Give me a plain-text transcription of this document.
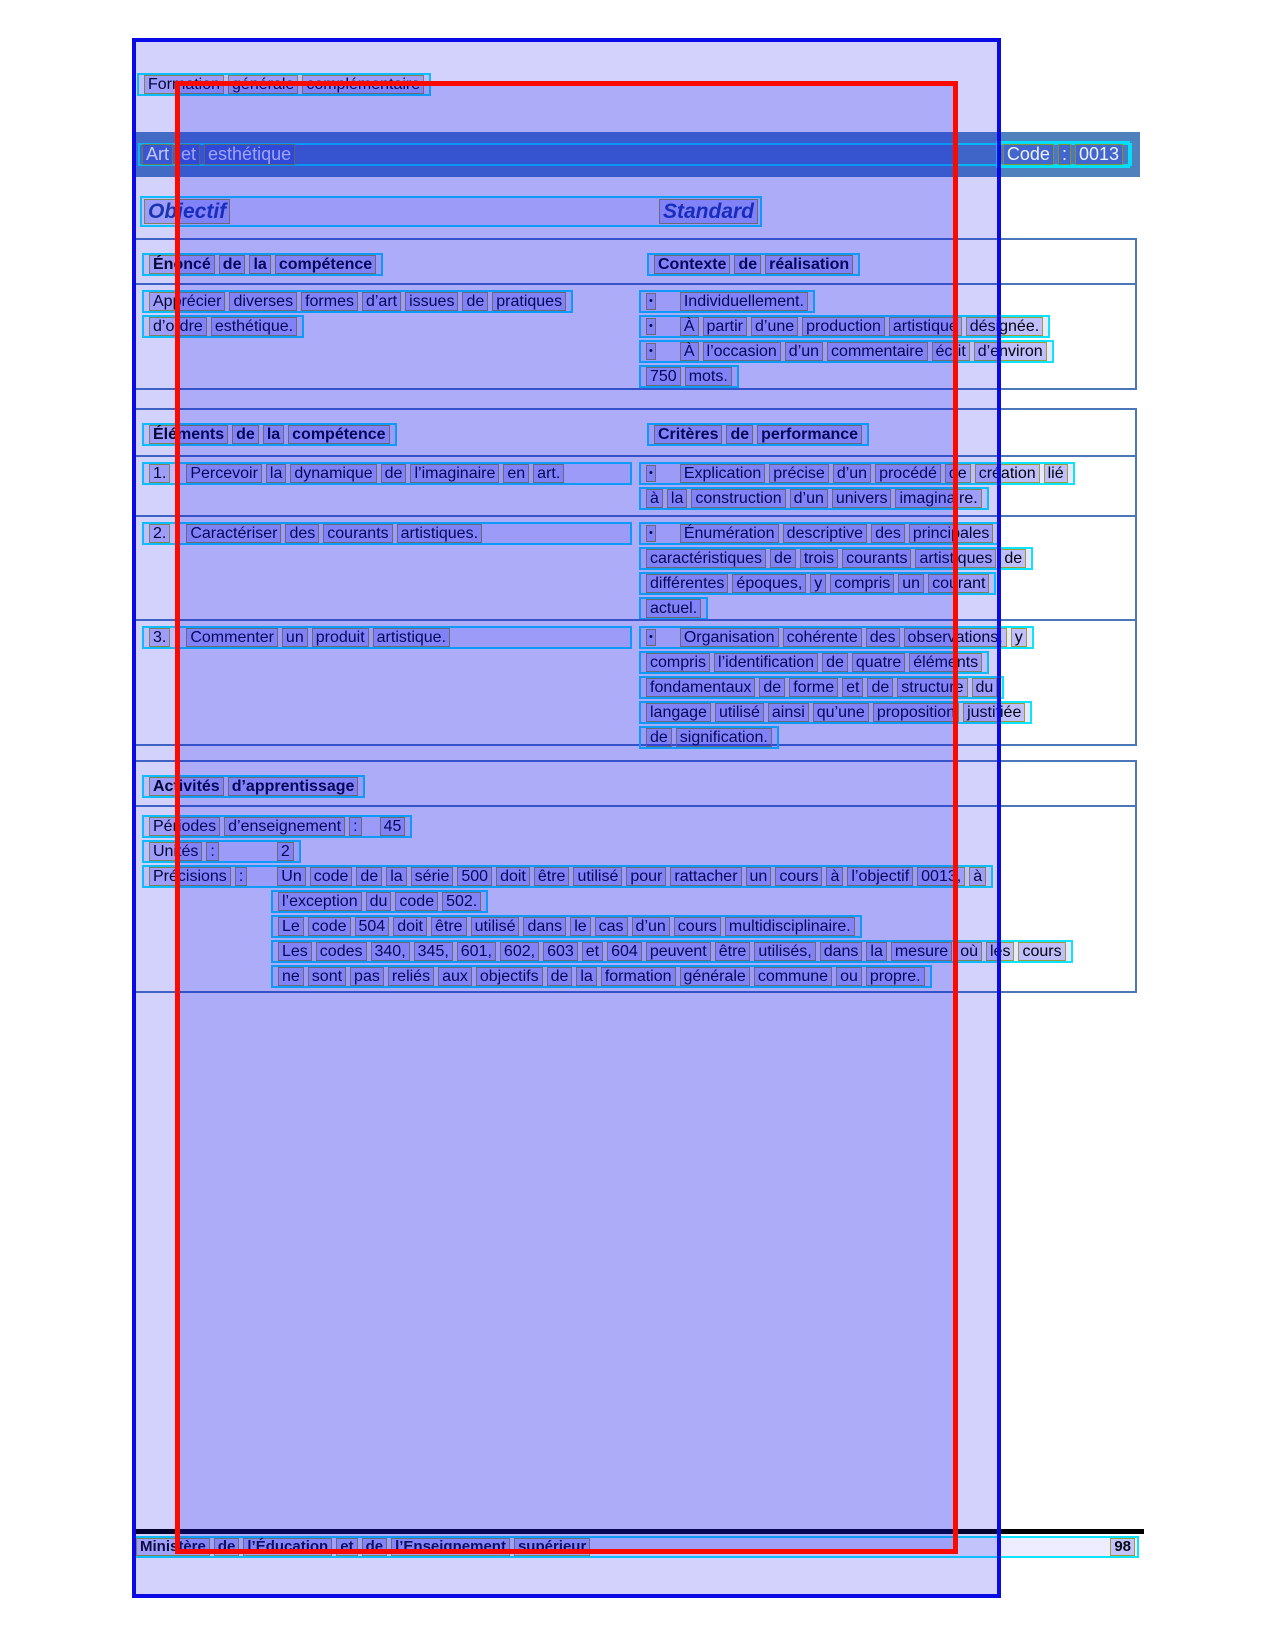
Formation générale complémentaire
Art et esthétique	Code : 0013
Objectif	Standard
Énoncé de la compétence	Contexte de réalisation
Apprécier diverses formes d’art issues de pratiques
d’ordre esthétique.
• Individuellement.
• À partir d’une production artistique désignée.
• À l’occasion d’un commentaire écrit d’environ
750 mots.
Éléments de la compétence	Critères de performance
1. Percevoir la dynamique de l’imaginaire en art.	• Explication précise d’un procédé de création lié
à la construction d’un univers imaginaire.
2. Caractériser des courants artistiques.	• Énumération descriptive des principales
caractéristiques de trois courants artistiques de
différentes époques, y compris un courant
actuel.
3. Commenter un produit artistique.	• Organisation cohérente des observations, y
compris l’identification de quatre éléments
fondamentaux de forme et de structure du
langage utilisé ainsi qu’une proposition justifiée
de signification.
Activités d’apprentissage
Périodes d’enseignement : 45
Unités :	2
Précisions : Un code de la série 500 doit être utilisé pour rattacher un cours à l’objectif 0013, à
l’exception du code 502.
Le code 504 doit être utilisé dans le cas d’un cours multidisciplinaire.
Les codes 340, 345, 601, 602, 603 et 604 peuvent être utilisés, dans la mesure où les cours
ne sont pas reliés aux objectifs de la formation générale commune ou propre.
Ministère de l’Éducation et de l’Enseignement supérieur	98
